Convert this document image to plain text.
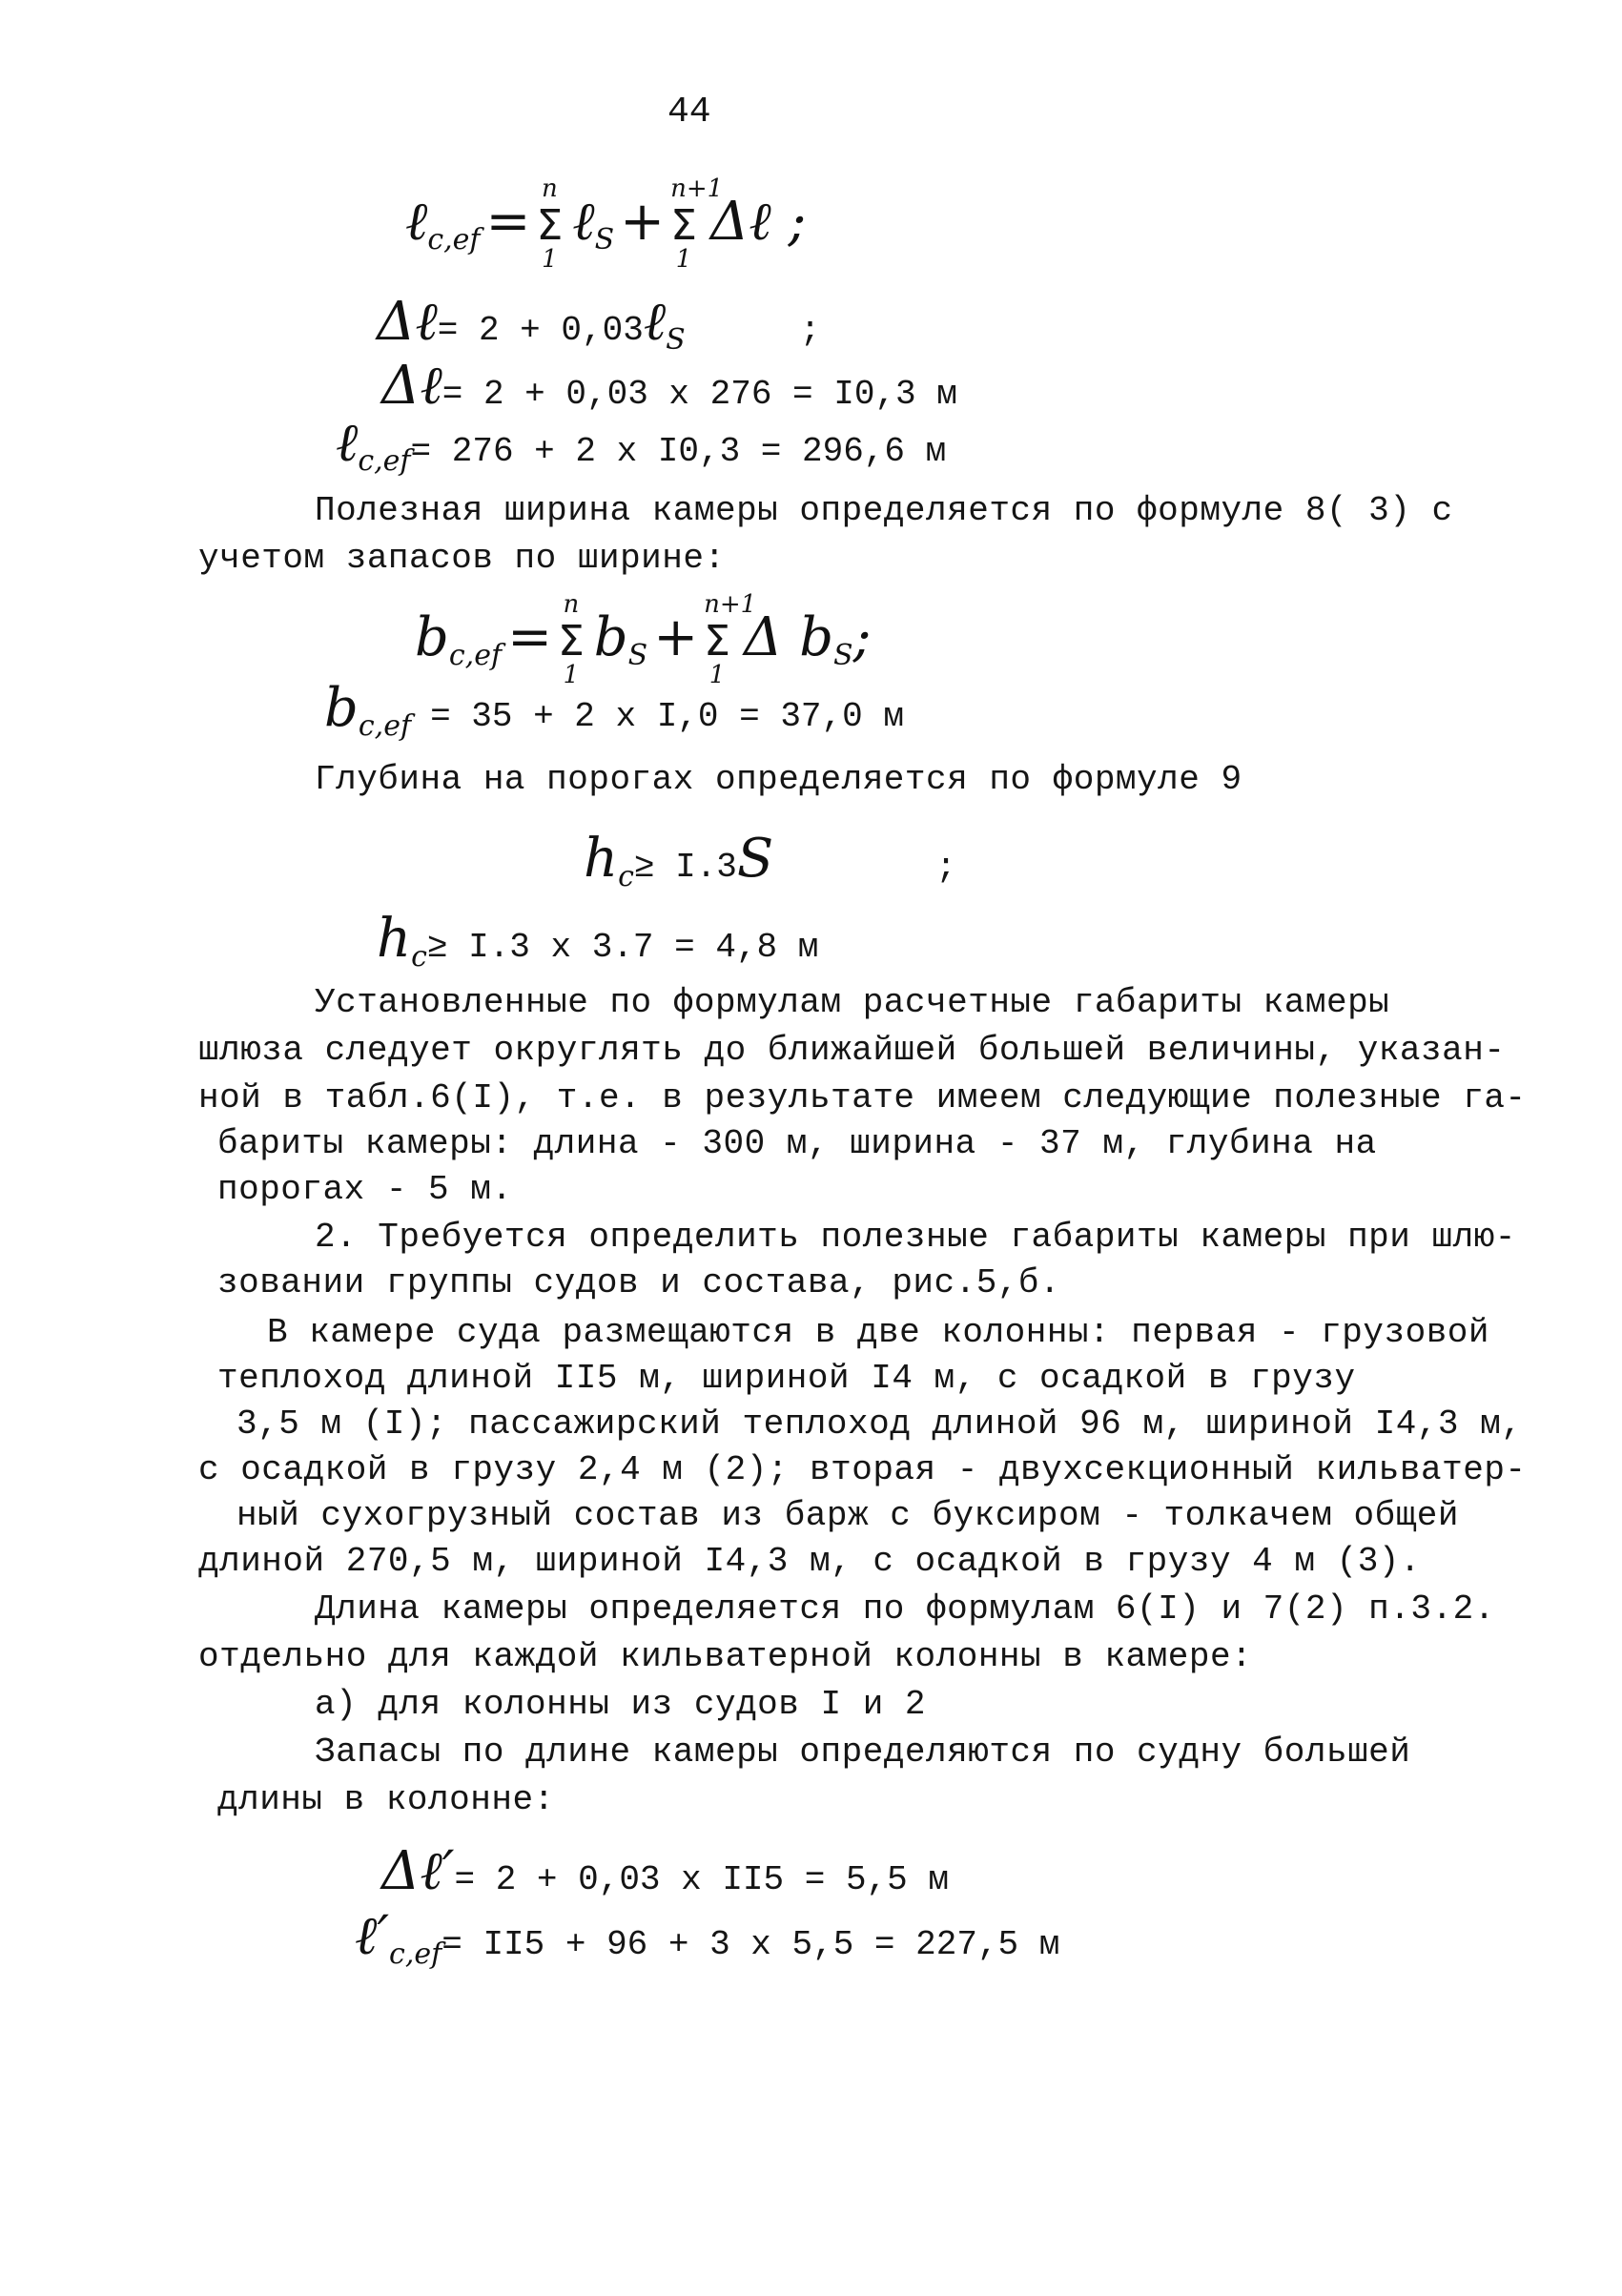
44
ℓ$_{c,ef}$ = Σ
n
1
ℓ$_S$ + Σ
n+1
1
Δℓ ;
Δℓ = 2 + 0,03 ℓ$_S$	;
Δℓ = 2 + 0,03 x 276 = I0,3 м
ℓ$_{c,ef}$ = 276 + 2 x I0,3 = 296,6 м
Полезная ширина камеры определяется по формуле 8( 3) с
учетом запасов по ширине:
$b_{c,ef} = \Sigma$
n
1
$b_S + \Sigma$
n+1
1
Δ $b_S$ ;
$b_{c,ef} = 35 + 2$ x I,0 = 37,0 м
Глубина на порогах определяется по формуле 9
$h_c \ge I.3$ S	;
$h_c \ge I.3$ x 3.7 = 4,8 м
Установленные по формулам расчетные габариты камеры
шлюза следует округлять до ближайшей большей величины, указан-
ной в табл.6(I), т.е. в результате имеем следующие полезные га-
бариты камеры: длина - 300 м, ширина - 37 м, глубина на
порогах - 5 м.
2. Требуется определить полезные габариты камеры при шлю-
зовании группы судов и состава, рис.5,б.
В камере суда размещаются в две колонны: первая - грузовой
теплоход длиной II5 м, шириной I4 м, с осадкой в грузу
3,5 м (I); пассажирский теплоход длиной 96 м, шириной I4,3 м,
с осадкой в грузу 2,4 м (2); вторая - двухсекционный кильватер-
ный сухогрузный состав из барж с буксиром - толкачем общей
длиной 270,5 м, шириной I4,3 м, с осадкой в грузу 4 м (3).
Длина камеры определяется по формулам 6(I) и 7(2) п.3.2.
отдельно для каждой кильватерной колонны в камере:
а) для колонны из судов I и 2
Запасы по длине камеры определяются по судну большей
длины в колонне:
Δℓ′ = 2 + 0,03 x II5 = 5,5 м
$\ell'_{c,ef} = II5 + 96 + 3$ x 5,5 = 227,5 м
